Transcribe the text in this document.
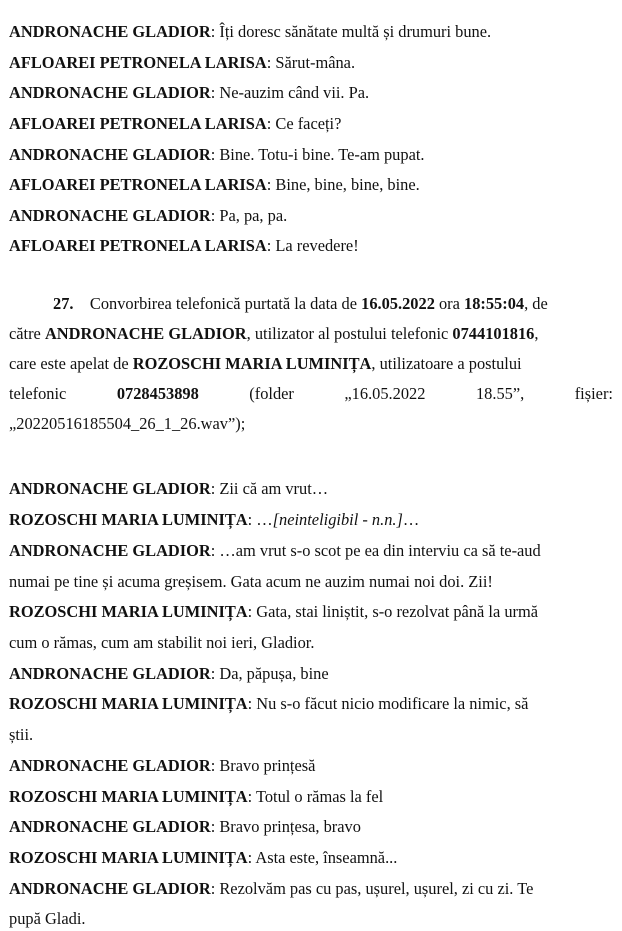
ANDRONACHE GLADIOR: Îți doresc sănătate multă și drumuri bune.
AFLOAREI PETRONELA LARISA: Sărut-mâna.
ANDRONACHE GLADIOR: Ne-auzim când vii. Pa.
AFLOAREI PETRONELA LARISA: Ce faceți?
ANDRONACHE GLADIOR: Bine. Totu-i bine. Te-am pupat.
AFLOAREI PETRONELA LARISA: Bine, bine, bine, bine.
ANDRONACHE GLADIOR: Pa, pa, pa.
AFLOAREI PETRONELA LARISA: La revedere!
27. Convorbirea telefonică purtată la data de 16.05.2022 ora 18:55:04, de
către ANDRONACHE GLADIOR, utilizator al postului telefonic 0744101816,
care este apelat de ROZOSCHI MARIA LUMINIȚA, utilizatoare a postului
telefonic	0728453898	(folder	„16.05.2022	18.55”,	fișier:
„20220516185504_26_1_26.wav”);
ANDRONACHE GLADIOR: Zii că am vrut…
ROZOSCHI MARIA LUMINIȚA: …[neinteligibil - n.n.]…
ANDRONACHE GLADIOR: …am vrut s-o scot pe ea din interviu ca să te-aud
numai pe tine și acuma greșisem. Gata acum ne auzim numai noi doi. Zii!
ROZOSCHI MARIA LUMINIȚA: Gata, stai liniștit, s-o rezolvat până la urmă
cum o rămas, cum am stabilit noi ieri, Gladior.
ANDRONACHE GLADIOR: Da, păpușa, bine
ROZOSCHI MARIA LUMINIȚA: Nu s-o făcut nicio modificare la nimic, să
știi.
ANDRONACHE GLADIOR: Bravo prințesă
ROZOSCHI MARIA LUMINIȚA: Totul o rămas la fel
ANDRONACHE GLADIOR: Bravo prințesa, bravo
ROZOSCHI MARIA LUMINIȚA: Asta este, înseamnă...
ANDRONACHE GLADIOR: Rezolvăm pas cu pas, ușurel, ușurel, zi cu zi. Te
pupă Gladi.
